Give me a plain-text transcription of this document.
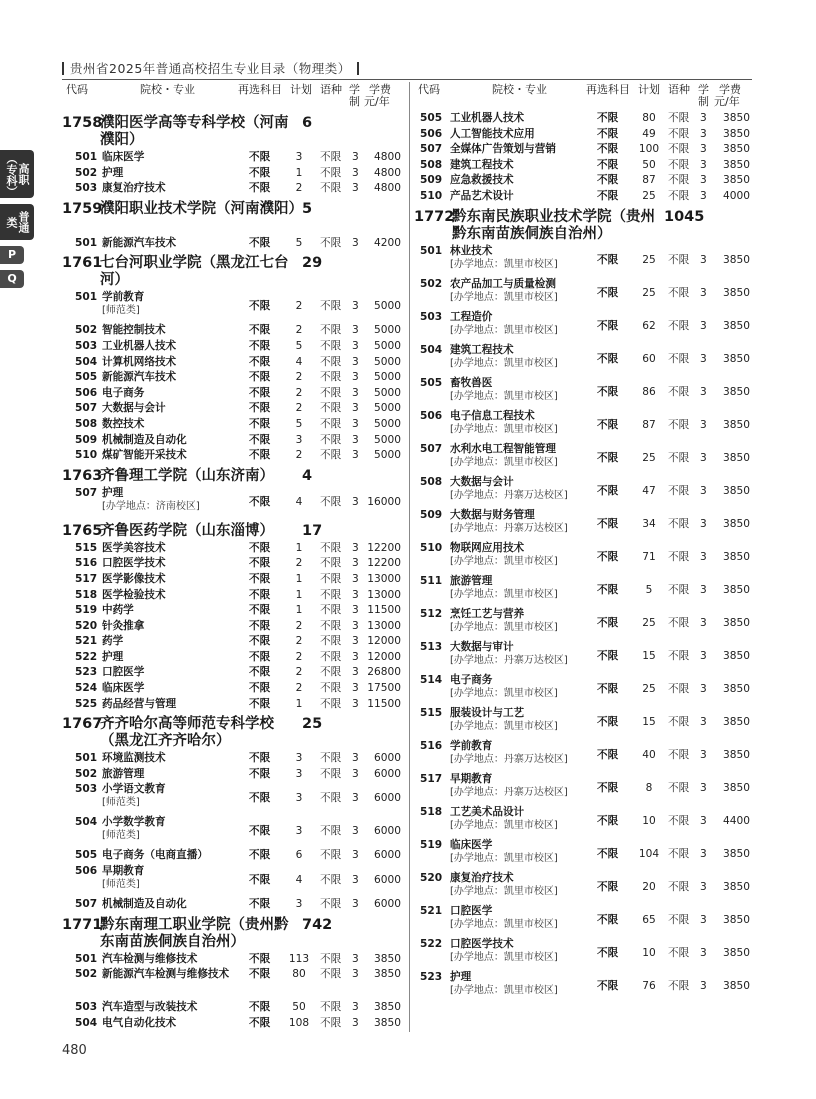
贵州省2025年普通高校招生专业目录（物理类）
高职（专科）
普通类
P
Q
代码	院校・专业	再选科目 计划 语种 学
制
学费
元/年
1758
濮阳医学高等专科学校（河南濮阳）
6
501 临床医学	不限	3	不限 3	4800
502 护理	不限	1	不限 3	4800
503 康复治疗技术	不限	2	不限 3	4800
1759
濮阳职业技术学院（河南濮阳） 5
501 新能源汽车技术	不限	5	不限 3	4200
1761
七台河职业学院（黑龙江七台河）
29
501 学前教育
[师范类]	不限	2	不限 3	5000
502 智能控制技术	不限	2	不限 3	5000
503 工业机器人技术	不限	5	不限 3	5000
504 计算机网络技术	不限	4	不限 3	5000
505 新能源汽车技术	不限	2	不限 3	5000
506 电子商务	不限	2	不限 3	5000
507 大数据与会计	不限	2	不限 3	5000
508 数控技术	不限	5	不限 3	5000
509 机械制造及自动化	不限	3	不限 3	5000
510 煤矿智能开采技术	不限	2	不限 3	5000
1763
齐鲁理工学院（山东济南）	4
507 护理
[办学地点：济南校区]	不限	4	不限 3 16000
1765
齐鲁医药学院（山东淄博）	17
515 医学美容技术	不限	1	不限 3 12200
516 口腔医学技术	不限	2	不限 3 12200
517 医学影像技术	不限	1	不限 3 13000
518 医学检验技术	不限	1	不限 3 13000
519 中药学	不限	1	不限 3 11500
520 针灸推拿	不限	2	不限 3 13000
521 药学	不限	2	不限 3 12000
522 护理	不限	2	不限 3 12000
523 口腔医学	不限	2	不限 3 26800
524 临床医学	不限	2	不限 3 17500
525 药品经营与管理	不限	1	不限 3 11500
1767
齐齐哈尔高等师范专科学校（黑龙江齐齐哈尔）
25
501 环境监测技术	不限	3	不限 3	6000
502 旅游管理	不限	3	不限 3	6000
503 小学语文教育
[师范类]	不限	3	不限 3	6000
504 小学数学教育
[师范类]	不限	3	不限 3	6000
505 电子商务（电商直播）	不限	6	不限 3	6000
506 早期教育
[师范类]	不限	4	不限 3	6000
507 机械制造及自动化	不限	3	不限 3	6000
1771
黔东南理工职业学院（贵州黔东南苗族侗族自治州）
742
501 汽车检测与维修技术	不限 113 不限 3	3850
502 新能源汽车检测与维修技术	不限	80	不限 3	3850
503 汽车造型与改装技术	不限	50	不限 3	3850
504 电气自动化技术	不限 108 不限 3	3850
代码	院校・专业	再选科目 计划 语种 学
制
学费
元/年
505 工业机器人技术	不限	80	不限 3	3850
506 人工智能技术应用	不限	49	不限 3	3850
507 全媒体广告策划与营销	不限 100 不限 3	3850
508 建筑工程技术	不限	50	不限 3	3850
509 应急救援技术	不限	87	不限 3	3850
510 产品艺术设计	不限	25	不限 3	4000
1772
黔东南民族职业技术学院（贵州黔东南苗族侗族自治州）
1045
501 林业技术
[办学地点：凯里市校区]	不限	25	不限 3	3850
502 农产品加工与质量检测
[办学地点：凯里市校区]	不限	25	不限 3	3850
503 工程造价
[办学地点：凯里市校区]	不限	62	不限 3	3850
504 建筑工程技术
[办学地点：凯里市校区]	不限	60	不限 3	3850
505 畜牧兽医
[办学地点：凯里市校区]	不限	86	不限 3	3850
506 电子信息工程技术
[办学地点：凯里市校区]	不限	87	不限 3	3850
507 水利水电工程智能管理
[办学地点：凯里市校区]	不限	25	不限 3	3850
508 大数据与会计
[办学地点：丹寨万达校区]	不限	47	不限 3	3850
509 大数据与财务管理
[办学地点：丹寨万达校区]	不限	34	不限 3	3850
510 物联网应用技术
[办学地点：凯里市校区]	不限	71	不限 3	3850
511 旅游管理
[办学地点：凯里市校区]	不限	5	不限 3	3850
512 烹饪工艺与营养
[办学地点：凯里市校区]	不限	25	不限 3	3850
513 大数据与审计
[办学地点：丹寨万达校区]	不限	15	不限 3	3850
514 电子商务
[办学地点：凯里市校区]	不限	25	不限 3	3850
515 服装设计与工艺
[办学地点：凯里市校区]	不限	15	不限 3	3850
516 学前教育
[办学地点：丹寨万达校区]	不限	40	不限 3	3850
517 早期教育
[办学地点：丹寨万达校区]	不限	8	不限 3	3850
518 工艺美术品设计
[办学地点：凯里市校区]	不限	10	不限 3	4400
519 临床医学
[办学地点：凯里市校区]	不限 104 不限 3	3850
520 康复治疗技术
[办学地点：凯里市校区]	不限	20	不限 3	3850
521 口腔医学
[办学地点：凯里市校区]	不限	65	不限 3	3850
522 口腔医学技术
[办学地点：凯里市校区]	不限	10	不限 3	3850
523 护理
[办学地点：凯里市校区]	不限	76	不限 3	3850
480
